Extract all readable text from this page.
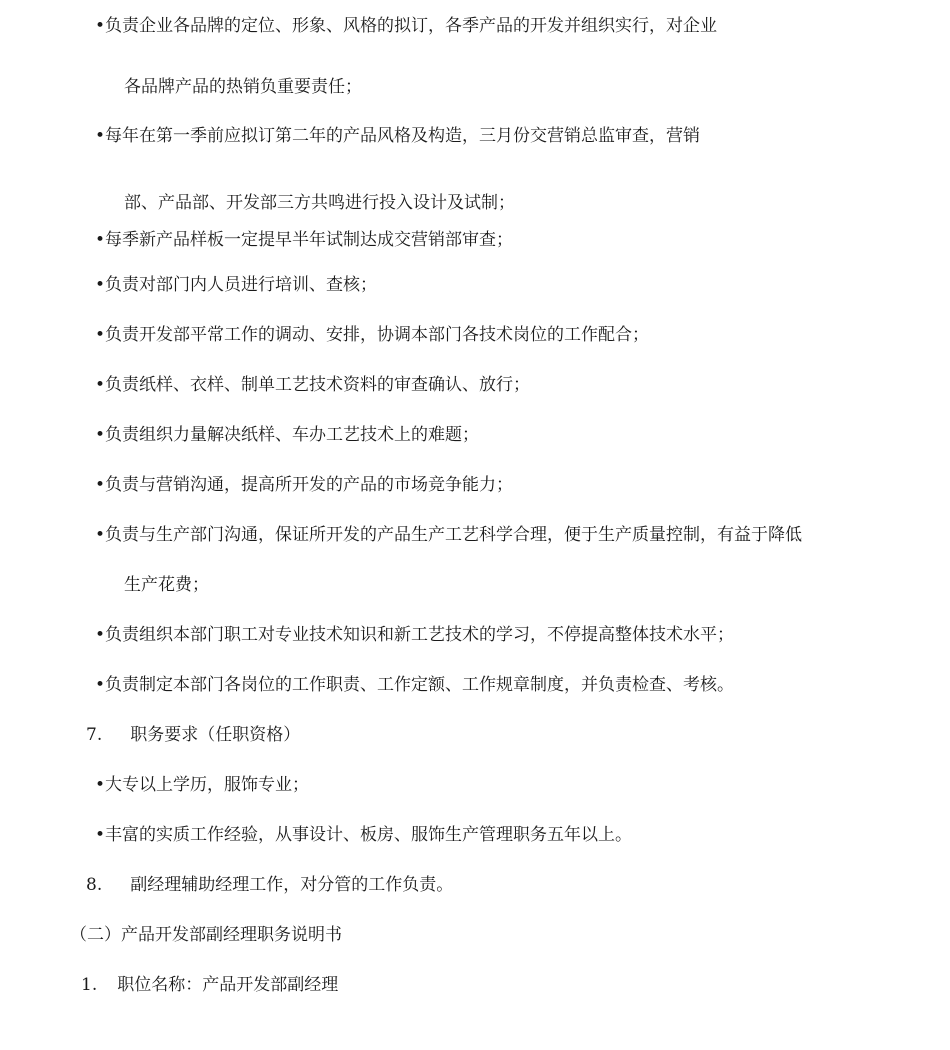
•负责企业各品牌的定位、形象、风格的拟订，各季产品的开发并组织实行，对企业
各品牌产品的热销负重要责任；
•每年在第一季前应拟订第二年的产品风格及构造，三月份交营销总监审查，营销
部、产品部、开发部三方共鸣进行投入设计及试制；
•每季新产品样板一定提早半年试制达成交营销部审查；
•负责对部门内人员进行培训、查核；
•负责开发部平常工作的调动、安排，协调本部门各技术岗位的工作配合；
•负责纸样、衣样、制单工艺技术资料的审查确认、放行；
•负责组织力量解决纸样、车办工艺技术上的难题；
•负责与营销沟通，提高所开发的产品的市场竞争能力；
•负责与生产部门沟通，保证所开发的产品生产工艺科学合理，便于生产质量控制，有益于降低
生产花费；
•负责组织本部门职工对专业技术知识和新工艺技术的学习，不停提高整体技术水平；
•负责制定本部门各岗位的工作职责、工作定额、工作规章制度，并负责检查、考核。
7. 职务要求（任职资格）
•大专以上学历，服饰专业；
•丰富的实质工作经验，从事设计、板房、服饰生产管理职务五年以上。
8. 副经理辅助经理工作，对分管的工作负责。
（二）产品开发部副经理职务说明书
1. 职位名称：产品开发部副经理
